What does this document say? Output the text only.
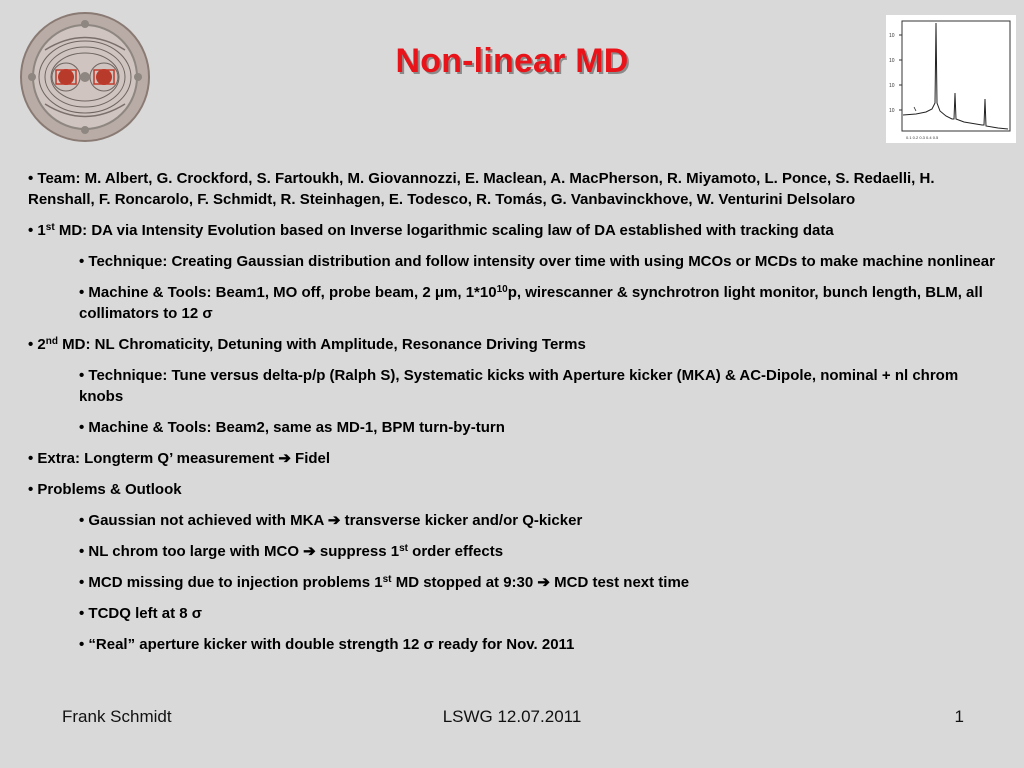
Non-linear MD
10
10
10
10
0.1 0.2 0.3 0.4 0.5
• Team: M. Albert, G. Crockford, S. Fartoukh, M. Giovannozzi, E. Maclean, A. MacPherson, R. Miyamoto, L. Ponce, S. Redaelli, H. Renshall, F. Roncarolo, F. Schmidt, R. Steinhagen, E. Todesco, R. Tomás, G. Vanbavinckhove, W. Venturini Delsolaro
• 1st MD: DA via Intensity Evolution based on Inverse logarithmic scaling law of DA established with tracking data
• Technique: Creating Gaussian distribution and follow intensity over time with using MCOs or MCDs to make machine nonlinear
• Machine & Tools: Beam1, MO off, probe beam, 2 μm, $1*10^{10}p$, wirescanner & synchrotron light monitor, bunch length, BLM, all collimators to 12 σ
• 2nd MD: NL Chromaticity, Detuning with Amplitude, Resonance Driving Terms
• Technique: Tune versus delta-p/p (Ralph S), Systematic kicks with Aperture kicker (MKA) & AC-Dipole, nominal + nl chrom knobs
• Machine & Tools: Beam2, same as MD-1, BPM turn-by-turn
• Extra: Longterm Q’ measurement ➔ Fidel
• Problems & Outlook
• Gaussian not achieved with MKA ➔ transverse kicker and/or Q-kicker
• NL chrom too large with MCO ➔ suppress 1st order effects
• MCD missing due to injection problems 1st MD stopped at 9:30 ➔ MCD test next time
• TCDQ left at 8 σ
• “Real” aperture kicker with double strength 12 σ ready for Nov. 2011
Frank Schmidt	LSWG 12.07.2011	1
